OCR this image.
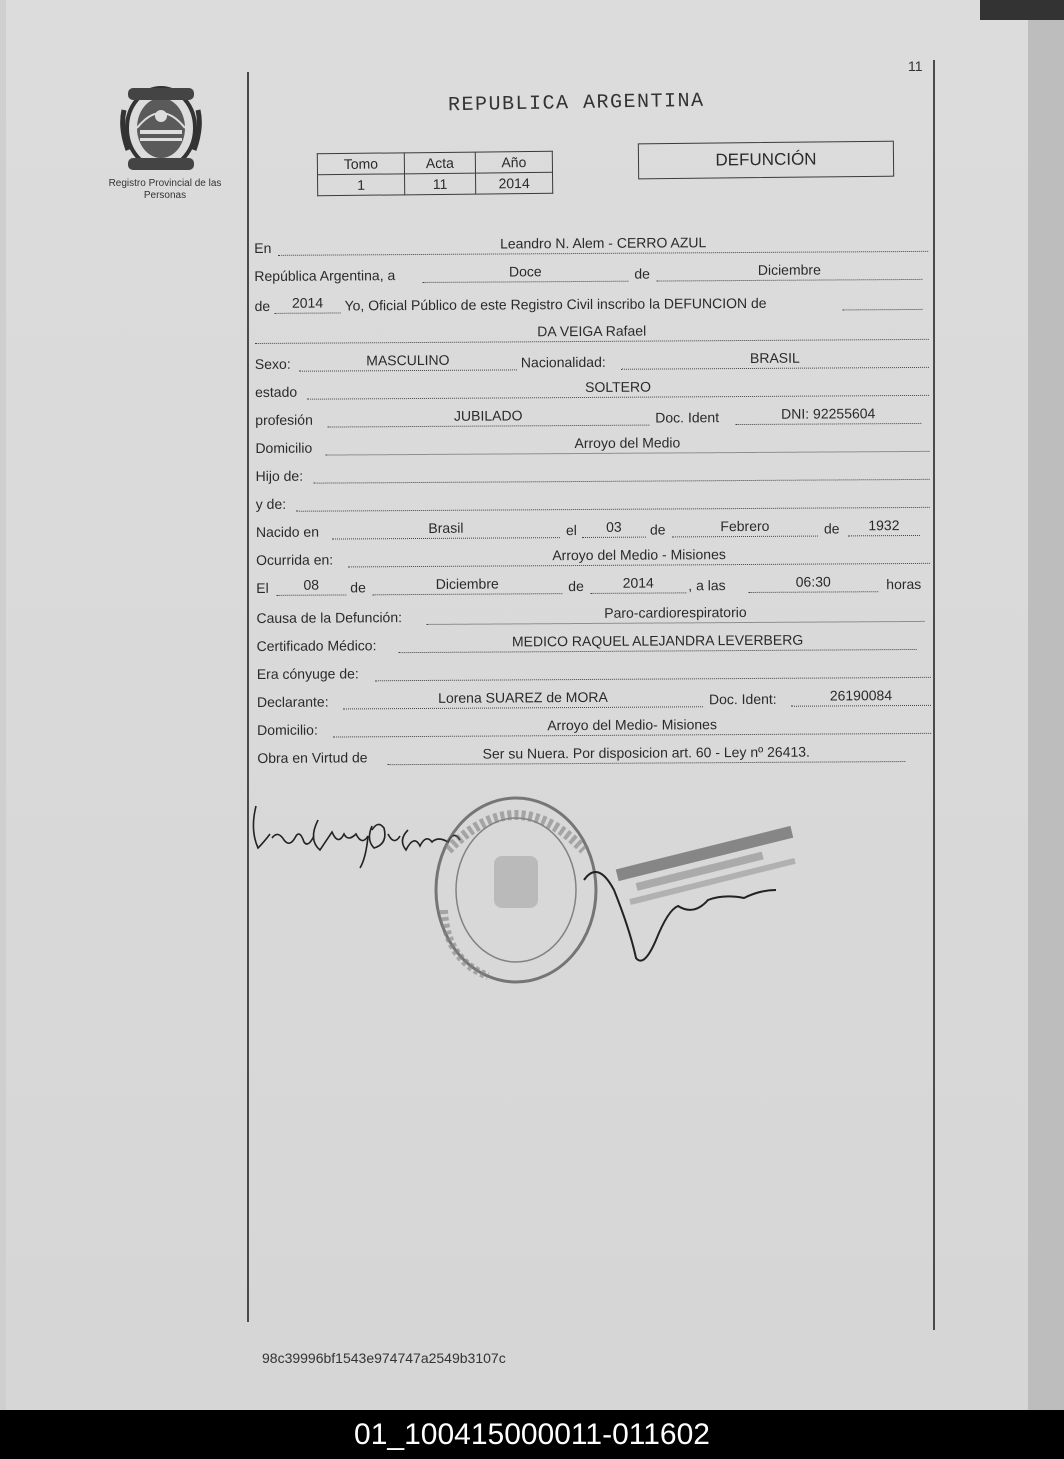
11
Registro Provincial de las Personas
REPUBLICA ARGENTINA
Tomo	Acta	Año
1	11	2014
DEFUNCIÓN
En	Leandro N. Alem - CERRO AZUL
República Argentina, a	Doce	de	Diciembre
de	2014	Yo, Oficial Público de este Registro Civil inscribo la DEFUNCION de
DA VEIGA Rafael
Sexo:	MASCULINO	Nacionalidad:	BRASIL
estado	SOLTERO
profesión	JUBILADO	Doc. Ident	DNI: 92255604
Domicilio	Arroyo del Medio
Hijo de:
y de:
Nacido en	Brasil	el	03	de	Febrero	de	1932
Ocurrida en:	Arroyo del Medio - Misiones
El	08	de	Diciembre	de	2014	, a las	06:30	horas
Causa de la Defunción:	Paro-cardiorespiratorio
Certificado Médico:	MEDICO RAQUEL ALEJANDRA LEVERBERG
Era cónyuge de:
Declarante:	Lorena SUAREZ de MORA	Doc. Ident:	26190084
Domicilio:	Arroyo del Medio- Misiones
Obra en Virtud de	Ser su Nuera. Por disposicion art. 60 - Ley nº 26413.
98c39996bf1543e974747a2549b3107c
01_100415000011-011602
